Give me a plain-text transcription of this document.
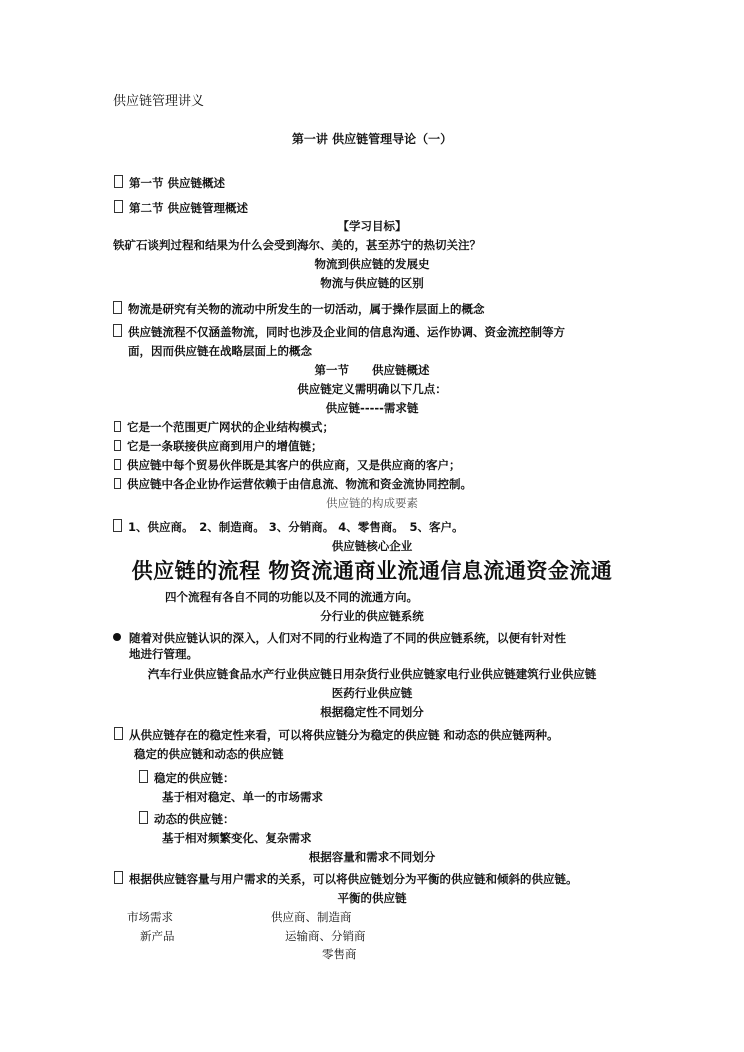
供应链管理讲义
第一讲 供应链管理导论（一）
第一节 供应链概述
第二节 供应链管理概述
【学习目标】
铁矿石谈判过程和结果为什么会受到海尔、美的，甚至苏宁的热切关注？
物流到供应链的发展史
物流与供应链的区别
物流是研究有关物的流动中所发生的一切活动，属于操作层面上的概念
供应链流程不仅涵盖物流，同时也涉及企业间的信息沟通、运作协调、资金流控制等方
面，因而供应链在战略层面上的概念
第一节　　供应链概述
供应链定义需明确以下几点：
供应链-----需求链
它是一个范围更广网状的企业结构模式；
它是一条联接供应商到用户的增值链；
供应链中每个贸易伙伴既是其客户的供应商，又是供应商的客户；
供应链中各企业协作运营依赖于由信息流、物流和资金流协同控制。
供应链的构成要素
1、供应商。　2、制造商。 3、分销商。 4、零售商。　5、客户。
供应链核心企业
供应链的流程 物资流通商业流通信息流通资金流通
四个流程有各自不同的功能以及不同的流通方向。
分行业的供应链系统
随着对供应链认识的深入，人们对不同的行业构造了不同的供应链系统，以便有针对性
地进行管理。
汽车行业供应链食品水产行业供应链日用杂货行业供应链家电行业供应链建筑行业供应链
医药行业供应链
根据稳定性不同划分
从供应链存在的稳定性来看，可以将供应链分为稳定的供应链 和动态的供应链两种。
稳定的供应链和动态的供应链
稳定的供应链：
基于相对稳定、单一的市场需求
动态的供应链：
基于相对频繁变化、复杂需求
根据容量和需求不同划分
根据供应链容量与用户需求的关系，可以将供应链划分为平衡的供应链和倾斜的供应链。
平衡的供应链
市场需求	供应商、制造商
新产品	运输商、分销商
零售商
